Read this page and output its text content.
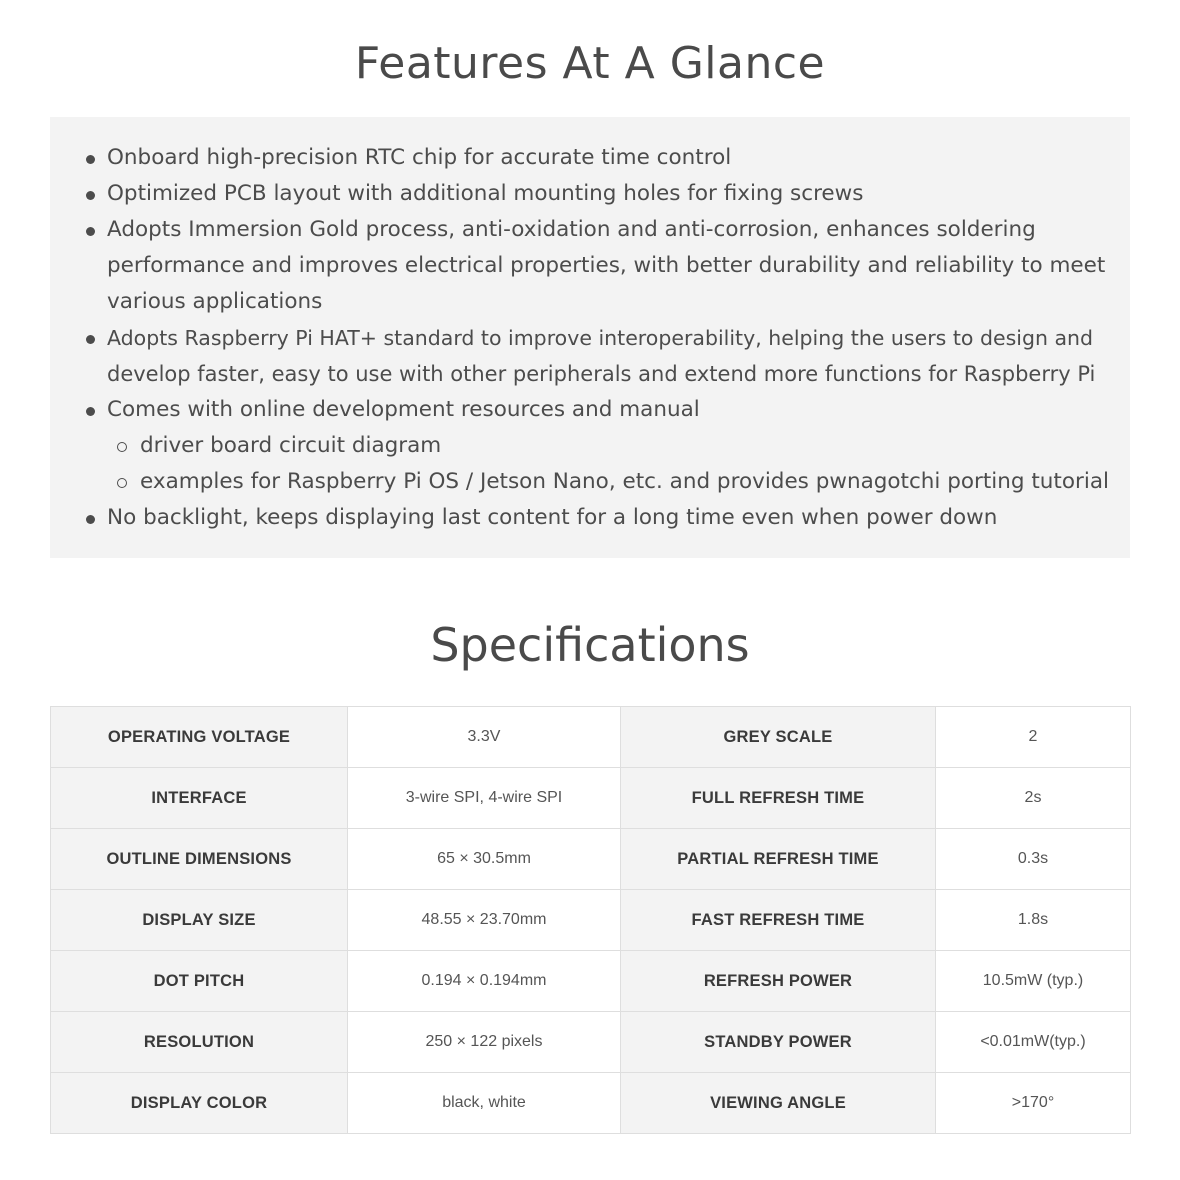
Features At A Glance
Onboard high-precision RTC chip for accurate time control
Optimized PCB layout with additional mounting holes for fixing screws
Adopts Immersion Gold process, anti-oxidation and anti-corrosion, enhances soldering
performance and improves electrical properties, with better durability and reliability to meet
various applications
Adopts Raspberry Pi HAT+ standard to improve interoperability, helping the users to design and
develop faster, easy to use with other peripherals and extend more functions for Raspberry Pi
Comes with online development resources and manual
driver board circuit diagram
examples for Raspberry Pi OS / Jetson Nano, etc. and provides pwnagotchi porting tutorial
No backlight, keeps displaying last content for a long time even when power down
Specifications
OPERATING VOLTAGE	3.3V	GREY SCALE	2
INTERFACE	3-wire SPI, 4-wire SPI	FULL REFRESH TIME	2s
OUTLINE DIMENSIONS	65 × 30.5mm	PARTIAL REFRESH TIME	0.3s
DISPLAY SIZE	48.55 × 23.70mm	FAST REFRESH TIME	1.8s
DOT PITCH	0.194 × 0.194mm	REFRESH POWER	10.5mW (typ.)
RESOLUTION	250 × 122 pixels	STANDBY POWER	<0.01mW(typ.)
DISPLAY COLOR	black, white	VIEWING ANGLE	>170°
